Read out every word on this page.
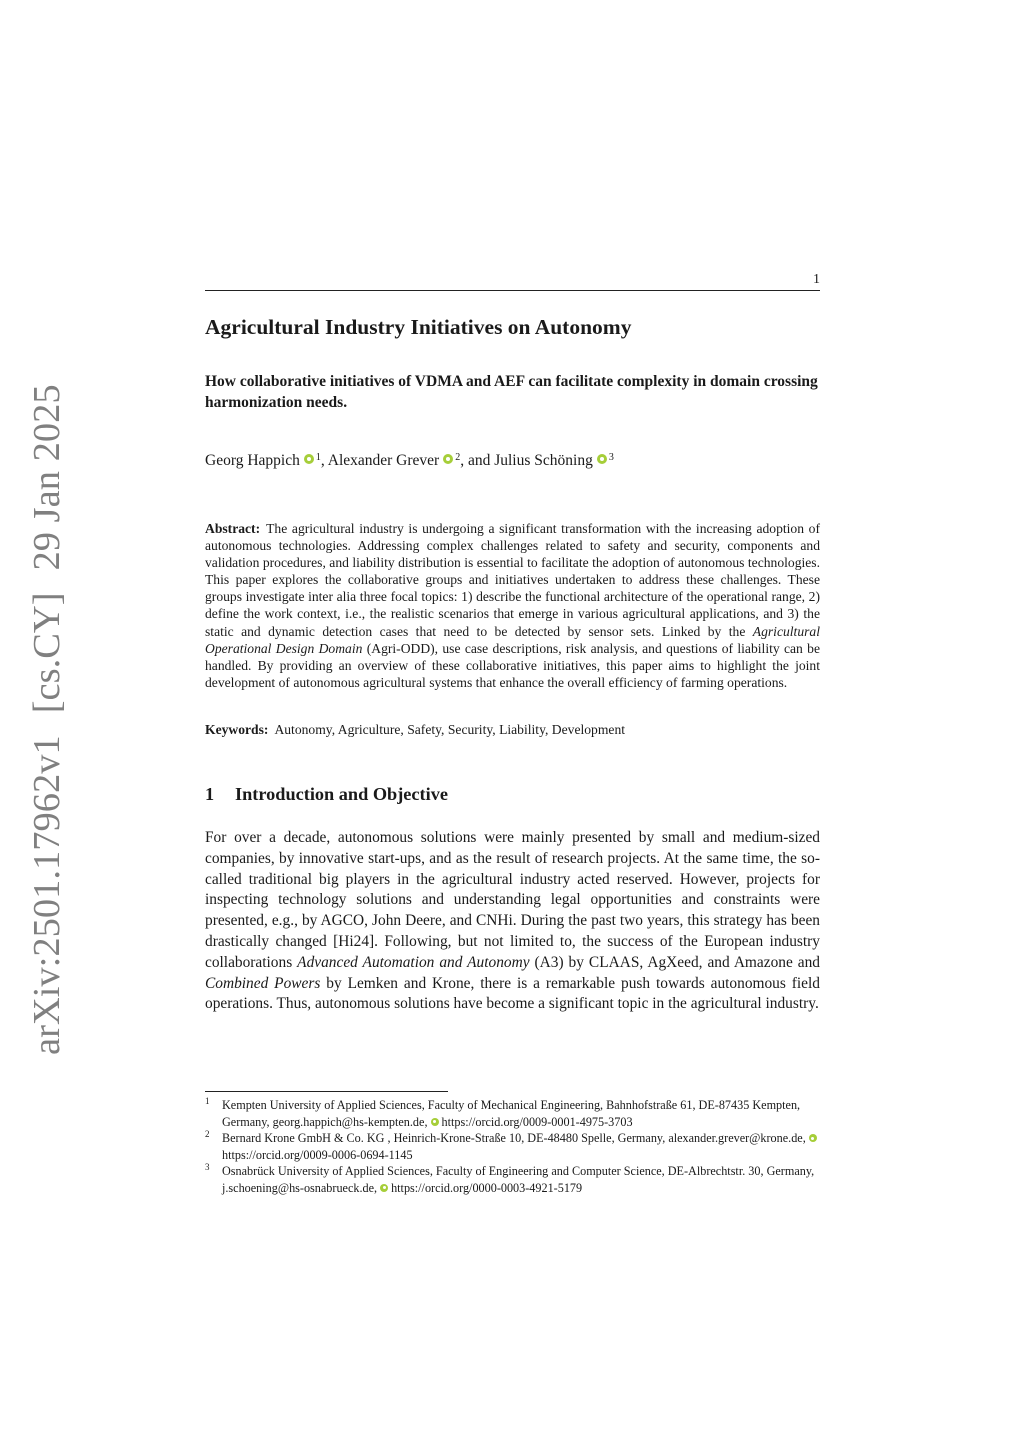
arXiv:2501.17962v1[cs.CY]29 Jan 2025
1
Agricultural Industry Initiatives on Autonomy
How collaborative initiatives of VDMA and AEF can facilitate complexity in domain crossing harmonization needs.
Georg Happich $^1$, Alexander Grever $^2$, and Julius Schöning $^3$
Abstract: The agricultural industry is undergoing a significant transformation with the increasing adoption of autonomous technologies. Addressing complex challenges related to safety and security, components and validation procedures, and liability distribution is essential to facilitate the adoption of autonomous technologies. This paper explores the collaborative groups and initiatives undertaken to address these challenges. These groups investigate inter alia three focal topics: 1) describe the functional architecture of the operational range, 2) define the work context, i.e., the realistic scenarios that emerge in various agricultural applications, and 3) the static and dynamic detection cases that need to be detected by sensor sets. Linked by the Agricultural Operational Design Domain (Agri-ODD), use case descriptions, risk analysis, and questions of liability can be handled. By providing an overview of these collaborative initiatives, this paper aims to highlight the joint development of autonomous agricultural systems that enhance the overall efficiency of farming operations.
Keywords: Autonomy, Agriculture, Safety, Security, Liability, Development
1 Introduction and Objective
For over a decade, autonomous solutions were mainly presented by small and medium-sized companies, by innovative start-ups, and as the result of research projects. At the same time, the so-called traditional big players in the agricultural industry acted reserved. However, projects for inspecting technology solutions and understanding legal opportunities and constraints were presented, e.g., by AGCO, John Deere, and CNHi. During the past two years, this strategy has been drastically changed [Hi24]. Following, but not limited to, the success of the European industry collaborations Advanced Automation and Autonomy (A3) by CLAAS, AgXeed, and Amazone and Combined Powers by Lemken and Krone, there is a remarkable push towards autonomous field operations. Thus, autonomous solutions have become a significant topic in the agricultural industry.
1 Kempten University of Applied Sciences, Faculty of Mechanical Engineering, Bahnhofstraße 61, DE-87435 Kempten, Germany, georg.happich@hs-kempten.de, https://orcid.org/0009-0001-4975-3703
2 Bernard Krone GmbH & Co. KG , Heinrich-Krone-Straße 10, DE-48480 Spelle, Germany, alexander.grever@krone.de,https://orcid.org/0009-0006-0694-1145
3 Osnabrück University of Applied Sciences, Faculty of Engineering and Computer Science, DE-Albrechtstr. 30, Germany, j.schoening@hs-osnabrueck.de, https://orcid.org/0000-0003-4921-5179
